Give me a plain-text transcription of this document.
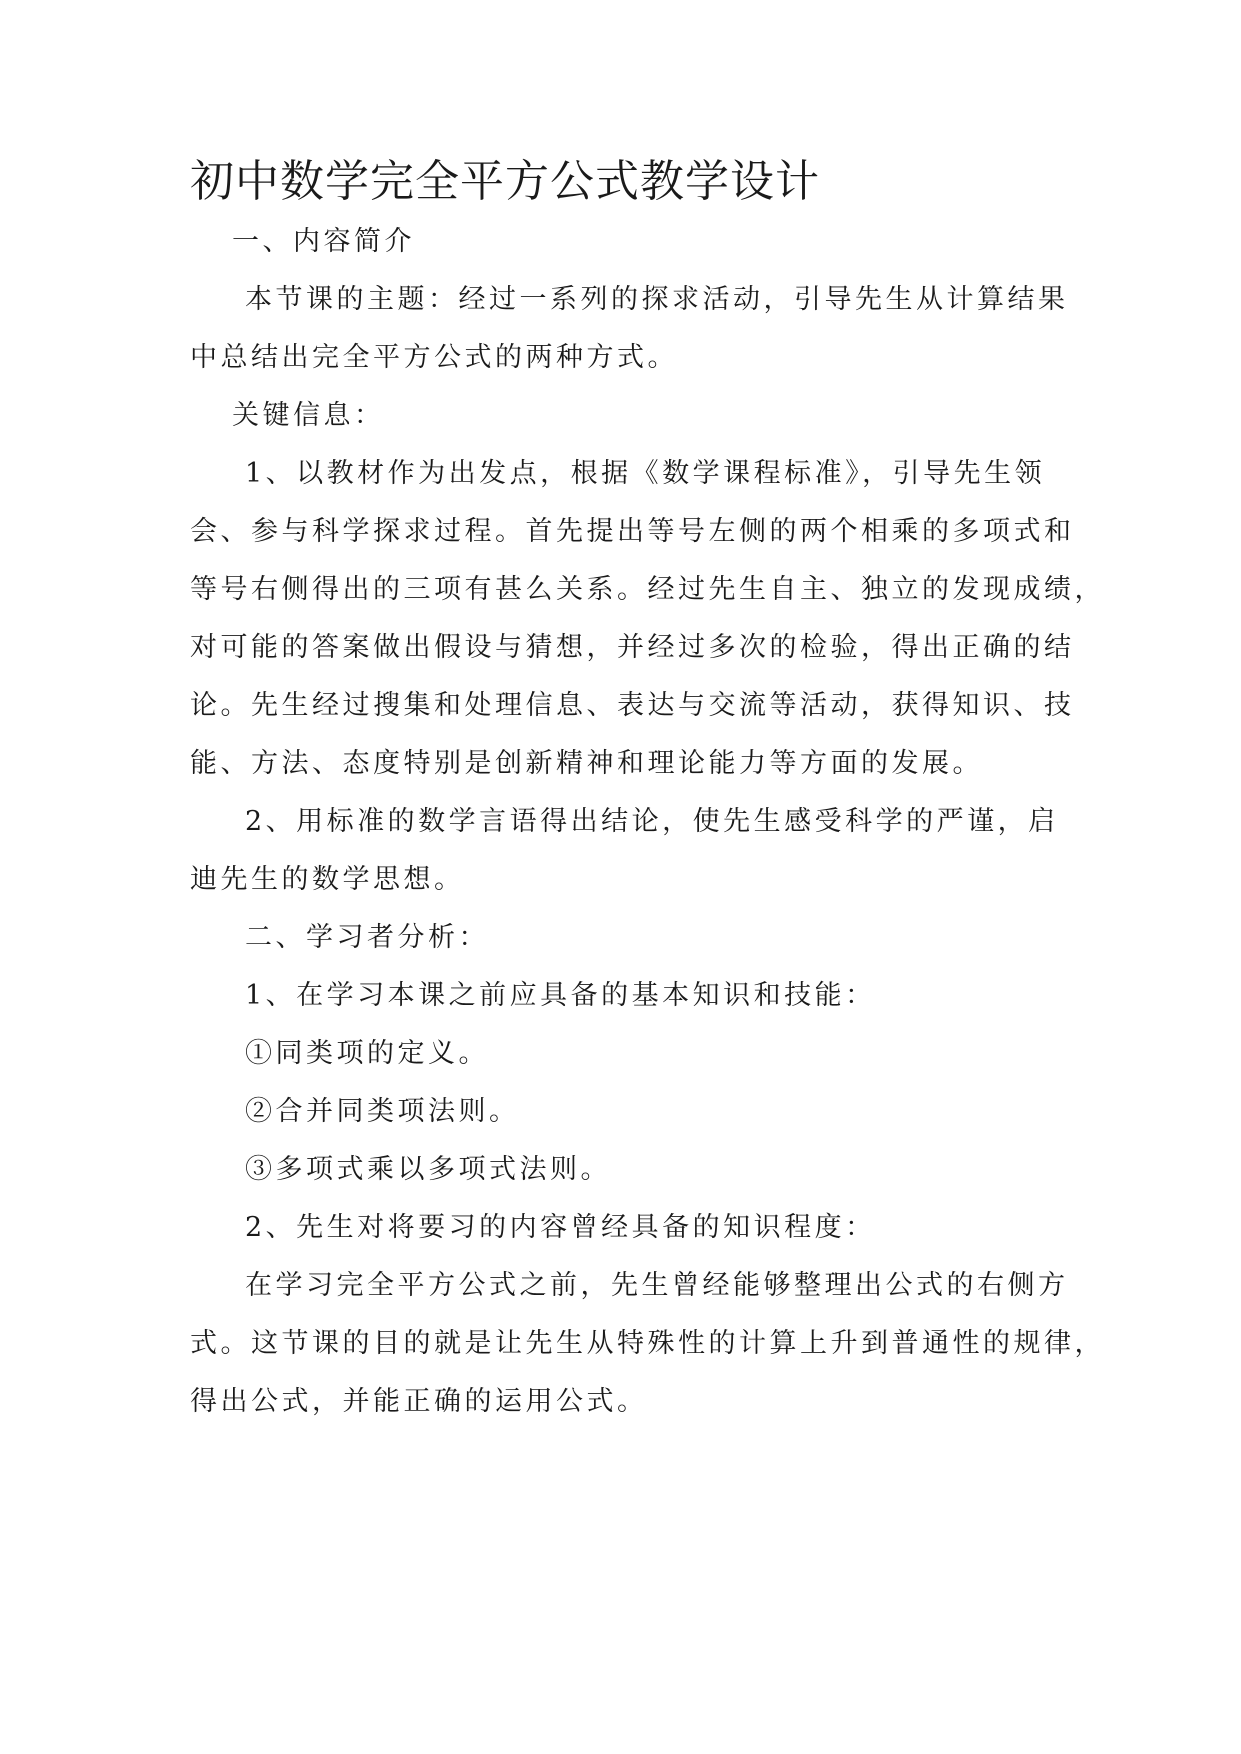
初中数学完全平方公式教学设计
一、内容简介
本节课的主题：经过一系列的探求活动，引导先生从计算结果
中总结出完全平方公式的两种方式。
关键信息：
1、以教材作为出发点，根据《数学课程标准》，引导先生领
会、参与科学探求过程。首先提出等号左侧的两个相乘的多项式和
等号右侧得出的三项有甚么关系。经过先生自主、独立的发现成绩，
对可能的答案做出假设与猜想，并经过多次的检验，得出正确的结
论。先生经过搜集和处理信息、表达与交流等活动，获得知识、技
能、方法、态度特别是创新精神和理论能力等方面的发展。
2、用标准的数学言语得出结论，使先生感受科学的严谨，启
迪先生的数学思想。
二、学习者分析：
1、在学习本课之前应具备的基本知识和技能：
①同类项的定义。
②合并同类项法则。
③多项式乘以多项式法则。
2、先生对将要习的内容曾经具备的知识程度：
在学习完全平方公式之前，先生曾经能够整理出公式的右侧方
式。这节课的目的就是让先生从特殊性的计算上升到普通性的规律，
得出公式，并能正确的运用公式。
